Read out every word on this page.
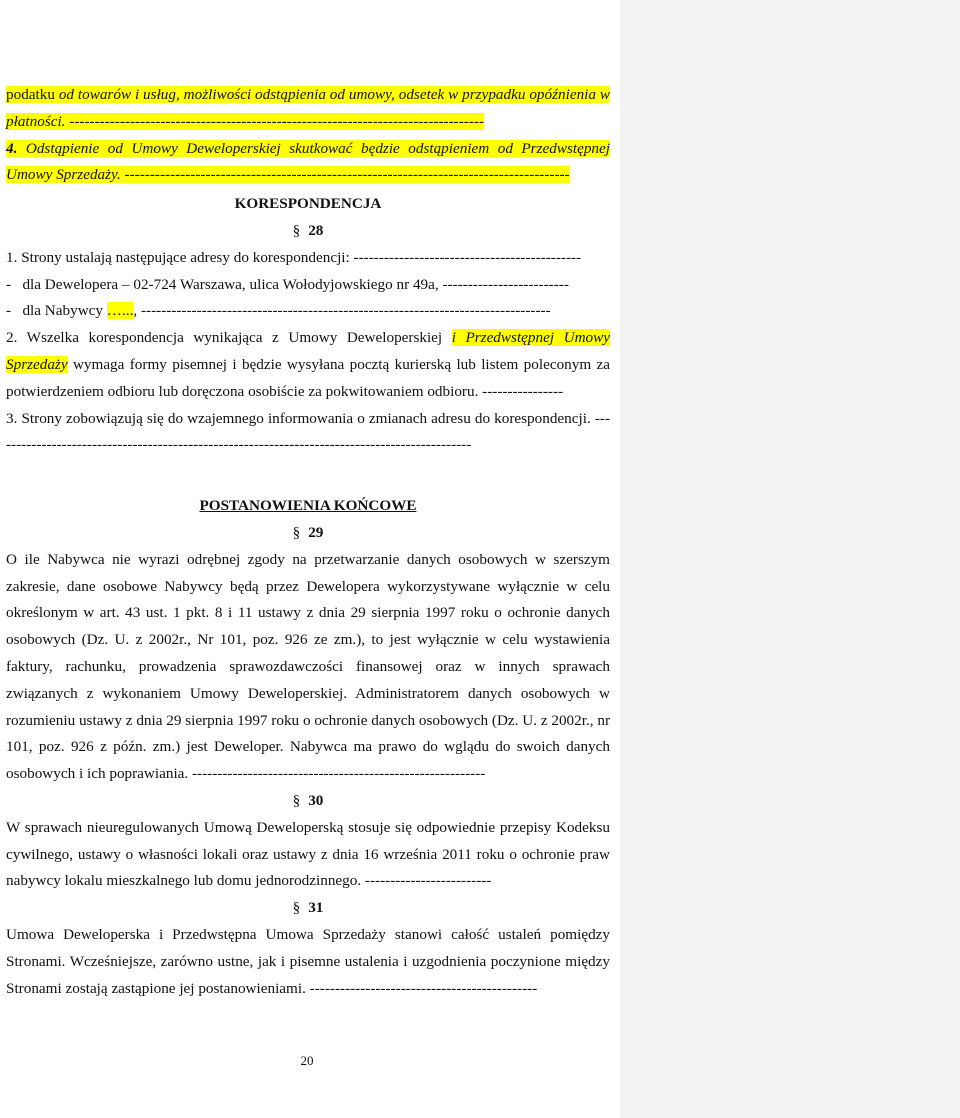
podatku od towarów i usług, możliwości odstąpienia od umowy, odsetek w przypadku opóźnienia w płatności. ----------------------------------------------------------------------------------

4. Odstąpienie od Umowy Deweloperskiej skutkować będzie odstąpieniem od Przedwstępnej Umowy Sprzedaży. ----------------------------------------------------------------------------------------

KORESPONDENCJA

§ 28

1. Strony ustalają następujące adresy do korespondencji: ---------------------------------------------

-   dla Dewelopera – 02-724 Warszawa, ulica Wołodyjowskiego nr 49a, -------------------------

-   dla Nabywcy …..., ---------------------------------------------------------------------------------

2. Wszelka korespondencja wynikająca z Umowy Deweloperskiej i Przedwstępnej Umowy Sprzedaży wymaga formy pisemnej i będzie wysyłana pocztą kurierską lub listem poleconym za potwierdzeniem odbioru lub doręczona osobiście za pokwitowaniem odbioru. ----------------

3. Strony zobowiązują się do wzajemnego informowania o zmianach adresu do korespondencji. -----------------------------------------------------------------------------------------------

POSTANOWIENIA KOŃCOWE

§ 29

O ile Nabywca nie wyrazi odrębnej zgody na przetwarzanie danych osobowych w szerszym zakresie, dane osobowe Nabywcy będą przez Dewelopera wykorzystywane wyłącznie w celu określonym w art. 43 ust. 1 pkt. 8 i 11 ustawy z dnia 29 sierpnia 1997 roku o ochronie danych osobowych (Dz. U. z 2002r., Nr 101, poz. 926 ze zm.), to jest wyłącznie w celu wystawienia faktury, rachunku, prowadzenia sprawozdawczości finansowej oraz w innych sprawach związanych z wykonaniem Umowy Deweloperskiej. Administratorem danych osobowych w rozumieniu ustawy z dnia 29 sierpnia 1997 roku o ochronie danych osobowych (Dz. U. z 2002r., nr 101, poz. 926 z późn. zm.) jest Deweloper. Nabywca ma prawo do wglądu do swoich danych osobowych i ich poprawiania. ----------------------------------------------------------

§ 30

W sprawach nieuregulowanych Umową Deweloperską stosuje się odpowiednie przepisy Kodeksu cywilnego, ustawy o własności lokali oraz ustawy z dnia 16 września 2011 roku o ochronie praw nabywcy lokalu mieszkalnego lub domu jednorodzinnego. -------------------------

§ 31

Umowa Deweloperska i Przedwstępna Umowa Sprzedaży stanowi całość ustaleń pomiędzy Stronami. Wcześniejsze, zarówno ustne, jak i pisemne ustalenia i uzgodnienia poczynione między Stronami zostają zastąpione jej postanowieniami. ---------------------------------------------

20
